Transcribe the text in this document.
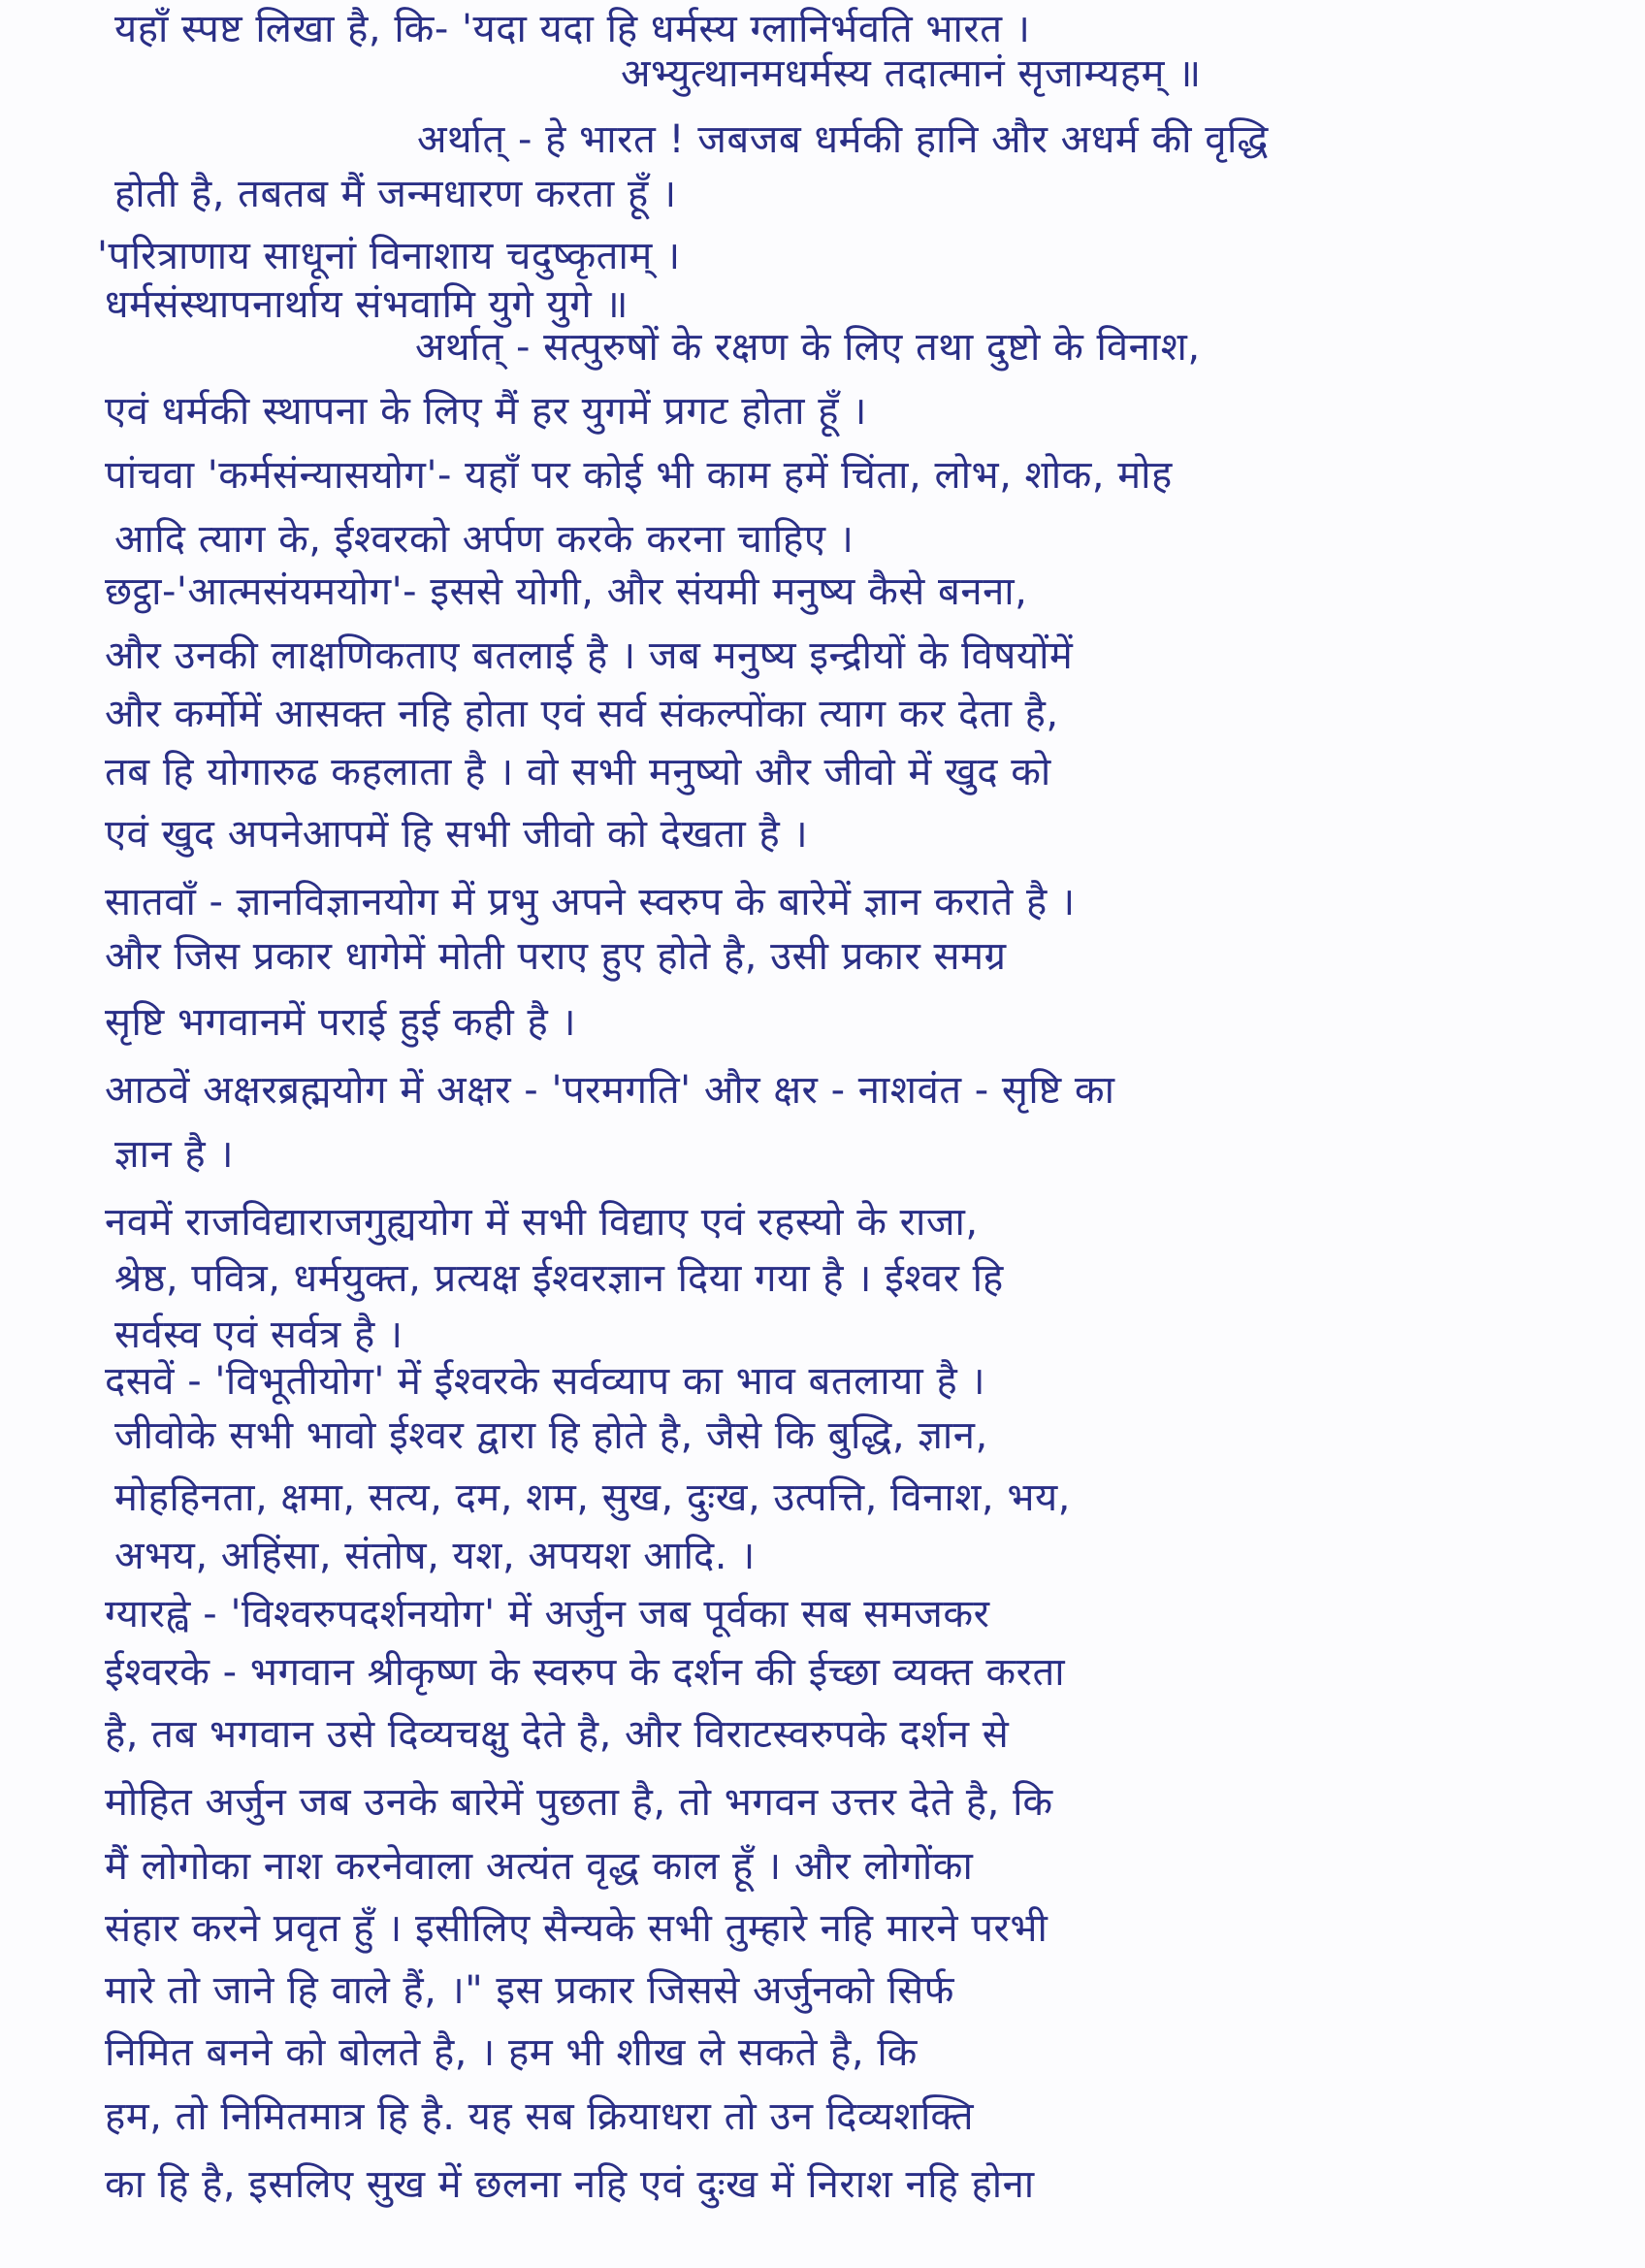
यहाँ स्पष्ट लिखा है, कि- 'यदा यदा हि धर्मस्य ग्लानिर्भवति भारत ।
अभ्युत्थानमधर्मस्य तदात्मानं सृजाम्यहम् ॥
अर्थात् - हे भारत ! जबजब धर्मकी हानि और अधर्म की वृद्धि
होती है, तबतब मैं जन्मधारण करता हूँ ।
'परित्राणाय साधूनां विनाशाय चदुष्कृताम् ।
धर्मसंस्थापनार्थाय संभवामि युगे युगे ॥
अर्थात् - सत्पुरुषों के रक्षण के लिए तथा दुष्टो के विनाश,
एवं धर्मकी स्थापना के लिए मैं हर युगमें प्रगट होता हूँ ।
पांचवा 'कर्मसंन्यासयोग'- यहाँ पर कोई भी काम हमें चिंता, लोभ, शोक, मोह
आदि त्याग के, ईश्वरको अर्पण करके करना चाहिए ।
छट्ठा-'आत्मसंयमयोग'- इससे योगी, और संयमी मनुष्य कैसे बनना,
और उनकी लाक्षणिकताए बतलाई है । जब मनुष्य इन्द्रीयों के विषयोंमें
और कर्मोमें आसक्त नहि होता एवं सर्व संकल्पोंका त्याग कर देता है,
तब हि योगारुढ कहलाता है । वो सभी मनुष्यो और जीवो में खुद को
एवं खुद अपनेआपमें हि सभी जीवो को देखता है ।
सातवाँ - ज्ञानविज्ञानयोग में प्रभु अपने स्वरुप के बारेमें ज्ञान कराते है ।
और जिस प्रकार धागेमें मोती पराए हुए होते है, उसी प्रकार समग्र
सृष्टि भगवानमें पराई हुई कही है ।
आठवें अक्षरब्रह्मयोग में अक्षर - 'परमगति' और क्षर - नाशवंत - सृष्टि का
ज्ञान है ।
नवमें राजविद्याराजगुह्ययोग में सभी विद्याए एवं रहस्यो के राजा,
श्रेष्ठ, पवित्र, धर्मयुक्त, प्रत्यक्ष ईश्वरज्ञान दिया गया है । ईश्वर हि
सर्वस्व एवं सर्वत्र है ।
दसवें - 'विभूतीयोग' में ईश्वरके सर्वव्याप का भाव बतलाया है ।
जीवोके सभी भावो ईश्वर द्वारा हि होते है, जैसे कि बुद्धि, ज्ञान,
मोहहिनता, क्षमा, सत्य, दम, शम, सुख, दुःख, उत्पत्ति, विनाश, भय,
अभय, अहिंसा, संतोष, यश, अपयश आदि. ।
ग्यारह्वे - 'विश्वरुपदर्शनयोग' में अर्जुन जब पूर्वका सब समजकर
ईश्वरके - भगवान श्रीकृष्ण के स्वरुप के दर्शन की ईच्छा व्यक्त करता
है, तब भगवान उसे दिव्यचक्षु देते है, और विराटस्वरुपके दर्शन से
मोहित अर्जुन जब उनके बारेमें पुछता है, तो भगवन उत्तर देते है, कि
मैं लोगोका नाश करनेवाला अत्यंत वृद्ध काल हूँ । और लोगोंका
संहार करने प्रवृत हुँ । इसीलिए सैन्यके सभी तुम्हारे नहि मारने परभी
मारे तो जाने हि वाले हैं, ।" इस प्रकार जिससे अर्जुनको सिर्फ
निमित बनने को बोलते है, । हम भी शीख ले सकते है, कि
हम, तो निमितमात्र हि है. यह सब क्रियाधरा तो उन दिव्यशक्ति
का हि है, इसलिए सुख में छलना नहि एवं दुःख में निराश नहि होना
